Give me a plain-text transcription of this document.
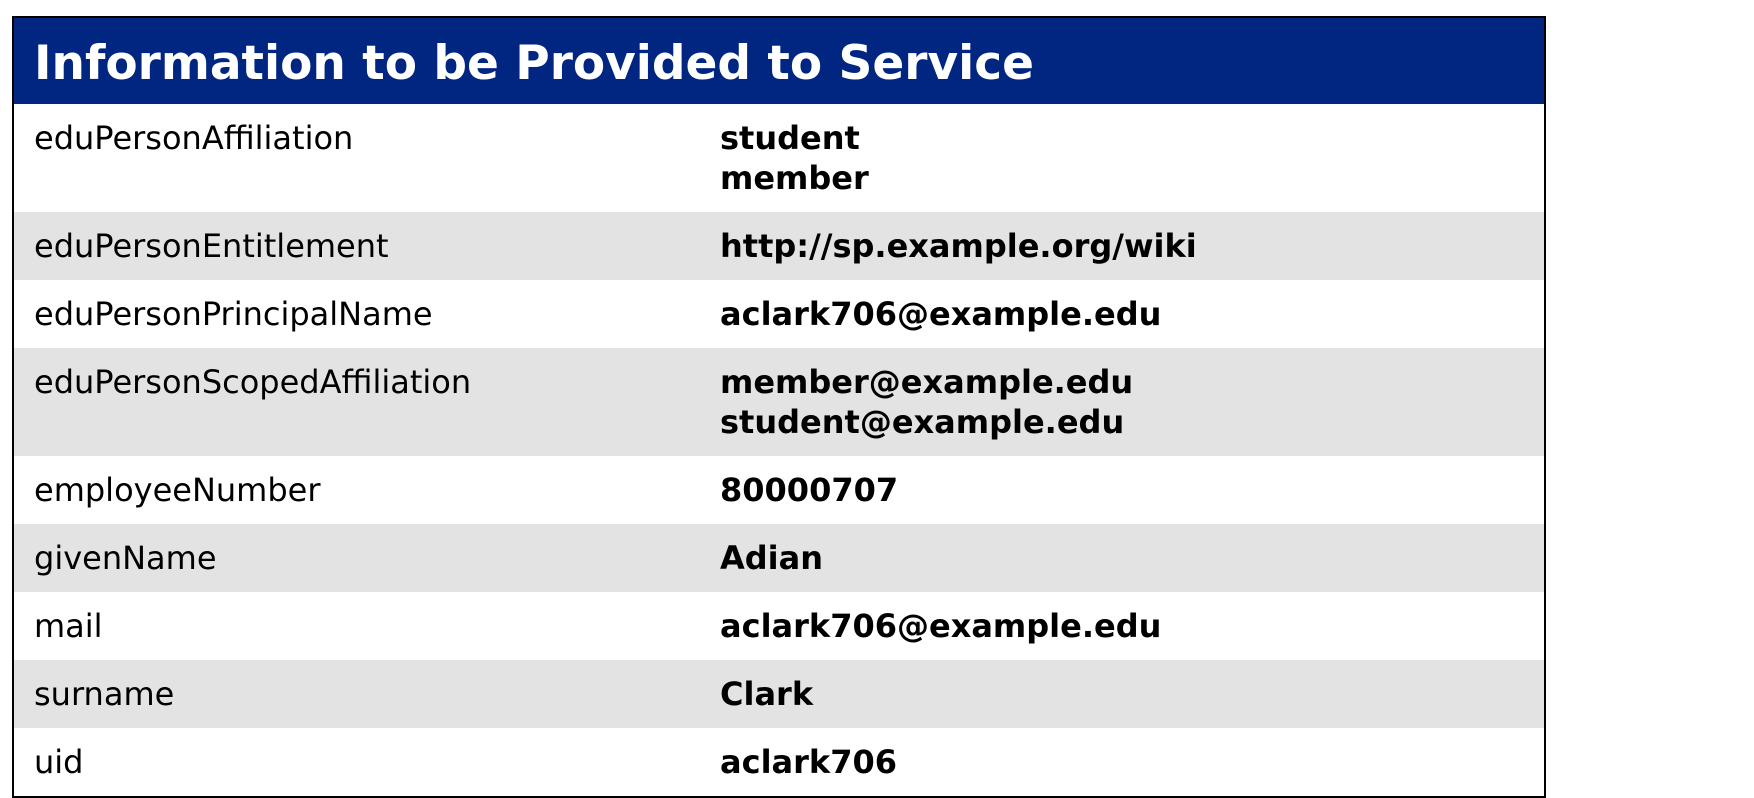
Information to be Provided to Service
eduPersonAffiliation	student
member
eduPersonEntitlement	http://sp.example.org/wiki
eduPersonPrincipalName	aclark706@example.edu
eduPersonScopedAffiliation	member@example.edu
student@example.edu
employeeNumber	80000707
givenName	Adian
mail	aclark706@example.edu
surname	Clark
uid	aclark706
